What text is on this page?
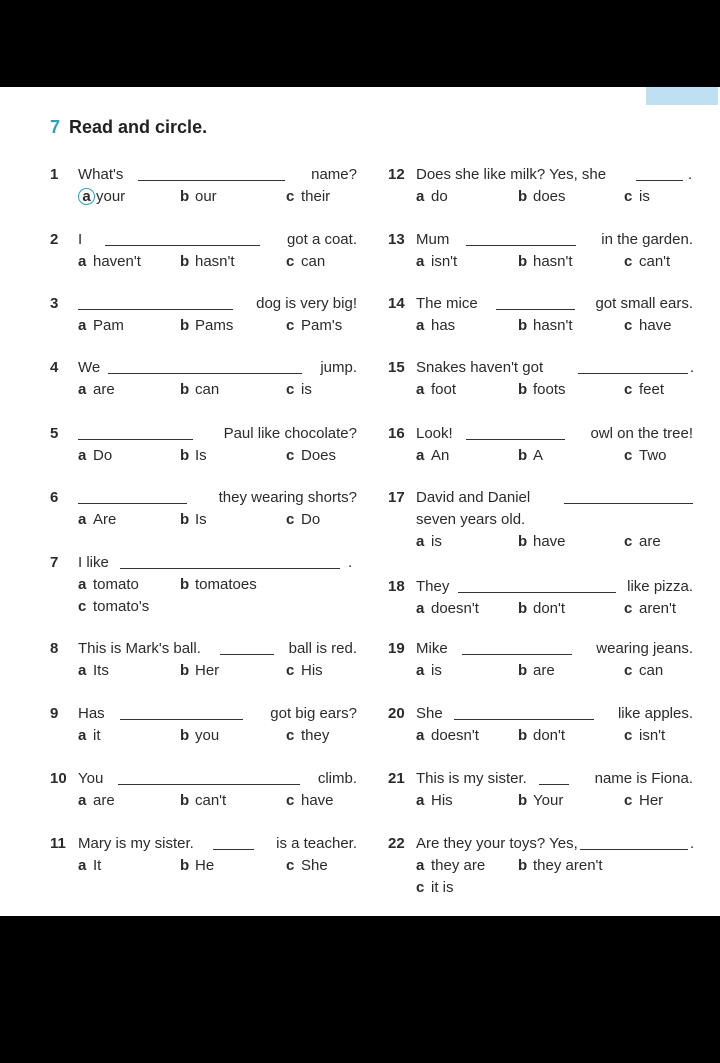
7 Read and circle.
1 What's	name?
a your	b our	c their
2 I	got a coat.
a haven't	b hasn't	c can
3	dog is very big!
a Pam	b Pams	c Pam's
4 We	jump.
a are	b can	c is
5	Paul like chocolate?
a Do	b Is	c Does
6	they wearing shorts?
a Are	b Is	c Do
7 I like	.
a tomato	b tomatoes
c tomato's
8 This is Mark's ball.	ball is red.
a Its	b Her	c His
9 Has	got big ears?
a it	b you	c they
10 You	climb.
a are	b can't	c have
11 Mary is my sister.	is a teacher.
a It	b He	c She
12 Does she like milk? Yes, she	.
a do	b does	c is
13 Mum	in the garden.
a isn't	b hasn't	c can't
14 The mice	got small ears.
a has	b hasn't	c have
15 Snakes haven't got	.
a foot	b foots	c feet
16 Look!	owl on the tree!
a An	b A	c Two
17 David and Daniel
seven years old.
a is	b have	c are
18 They	like pizza.
a doesn't	b don't	c aren't
19 Mike	wearing jeans.
a is	b are	c can
20 She	like apples.
a doesn't	b don't	c isn't
21 This is my sister.	name is Fiona.
a His	b Your	c Her
22 Are they your toys? Yes,	.
a they are b they aren't
c it is
